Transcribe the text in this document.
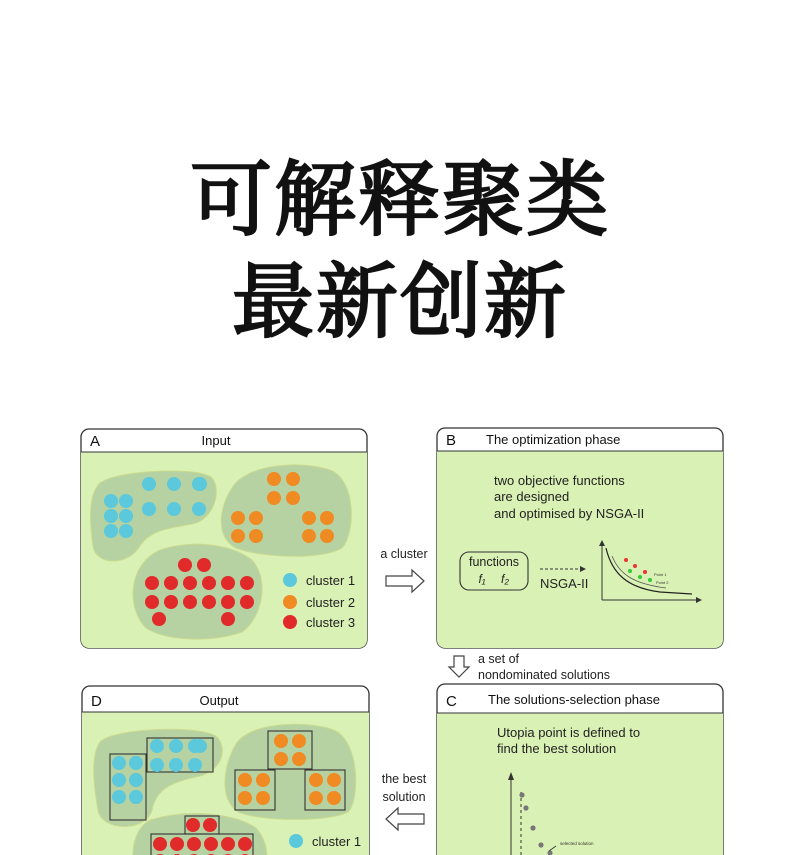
可解释聚类
最新创新
A	Input
cluster 1
cluster 2
cluster 3
a cluster
B The optimization phase
two objective functions
are designed
and optimised by NSGA-II
functions
f₁ f₂ NSGA-II
Point 1
Point 2
a set of
nondominated solutions
C The solutions-selection phase
Utopia point is defined to
find the best solution
selected solution
the best
solution
D	Output
cluster 1
